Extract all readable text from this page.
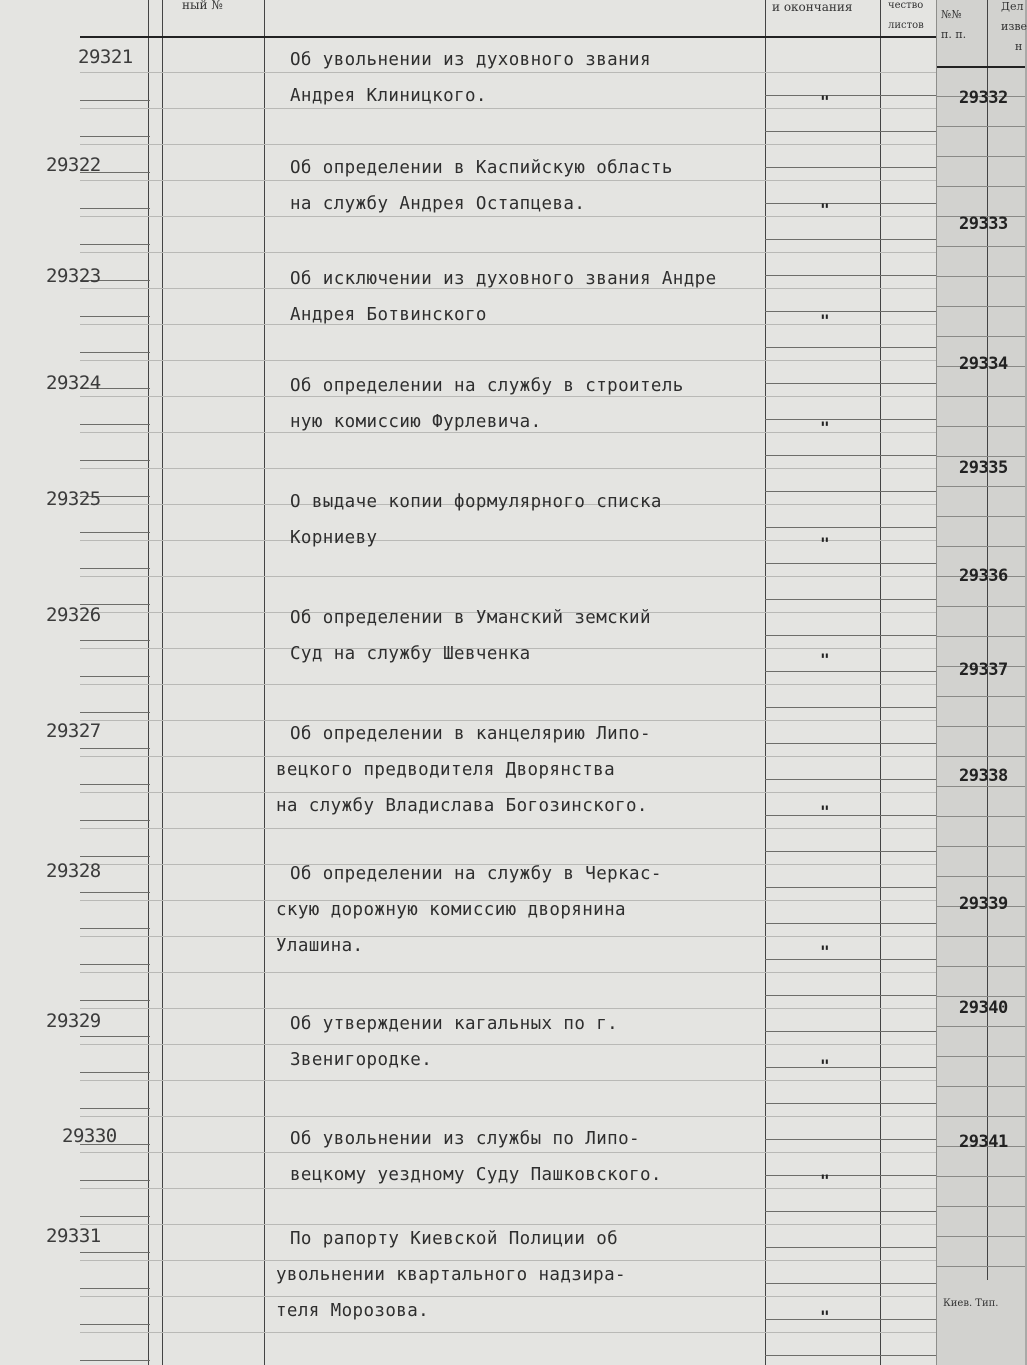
ный №	и окончания	чество
листов
29321	Об увольнении из духовного звания
Андрея Клиницкого.	"
29322	Об определении в Каспийскую область
на службу Андрея Остапцева.	"
29323	Об исключении из духовного звания Андре
Андрея Ботвинского	"
29324	Об определении на службу в строитель
ную комиссию Фурлевича.	"
29325	О выдаче копии формулярного списка
Корниеву	"
29326	Об определении в Уманский земский
Суд на службу Шевченка	"
29327	Об определении в канцелярию Липо-
вецкого предводителя Дворянства
на службу Владислава Богозинского.	"
29328	Об определении на службу в Черкас-
скую дорожную комиссию дворянина
Улашина.	"
29329	Об утверждении кагальных по г.
Звенигородке.	"
29330	Об увольнении из службы по Липо-
вецкому уездному Суду Пашковского.	"
29331	По рапорту Киевской Полиции об
увольнении квартального надзира-
теля Морозова.	"
№№
п. п.
Дел
изве
н
29332
29333
29334
29335
29336
29337
29338
29339
29340
29341
Киев. Тип.
